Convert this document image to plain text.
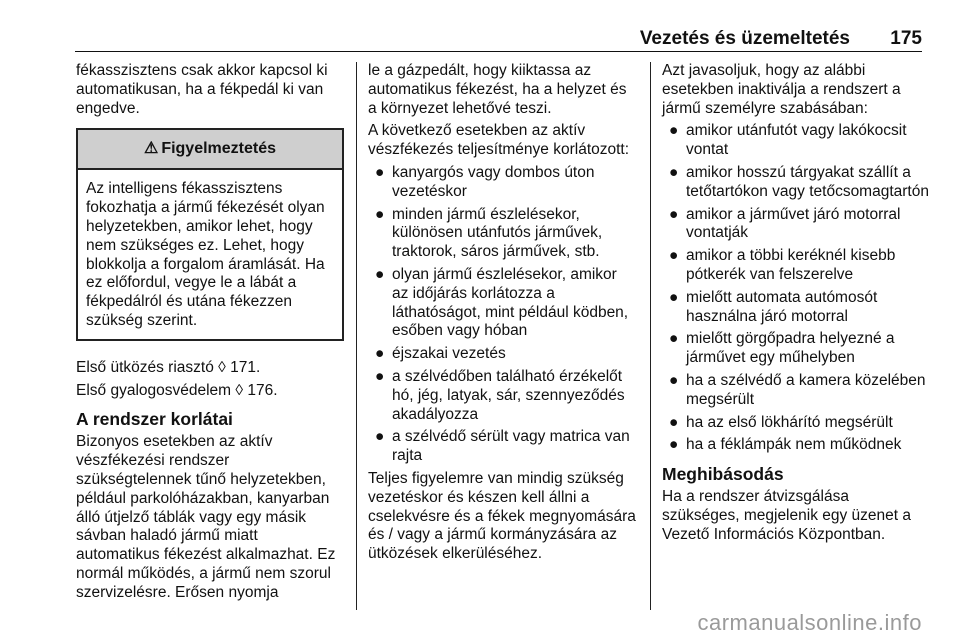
Vezetés és üzemeltetés 175

fékasszisztens csak akkor kapcsol ki automatikusan, ha a fékpedál ki van engedve.

⚠ Figyelmeztetés
Az intelligens fékasszisztens fokozhatja a jármű fékezését olyan helyzetekben, amikor lehet, hogy nem szükséges ez. Lehet, hogy blokkolja a forgalom áramlását. Ha ez előfordul, vegye le a lábát a fékpedálról és utána fékezzen szükség szerint.

Első ütközés riasztó ◊ 171.

Első gyalogosvédelem ◊ 176.

A rendszer korlátai

Bizonyos esetekben az aktív vészfékezési rendszer szükségtelennek tűnő helyzetekben, például parkolóházakban, kanyarban álló útjelző táblák vagy egy másik sávban haladó jármű miatt automatikus fékezést alkalmazhat. Ez normál működés, a jármű nem szorul szervizelésre. Erősen nyomja

le a gázpedált, hogy kiiktassa az automatikus fékezést, ha a helyzet és a környezet lehetővé teszi.

A következő esetekben az aktív vészfékezés teljesítménye korlátozott:

● kanyargós vagy dombos úton vezetéskor
● minden jármű észlelésekor, különösen utánfutós járművek, traktorok, sáros járművek, stb.
● olyan jármű észlelésekor, amikor az időjárás korlátozza a láthatóságot, mint például ködben, esőben vagy hóban
● éjszakai vezetés
● a szélvédőben található érzékelőt hó, jég, latyak, sár, szennyeződés akadályozza
● a szélvédő sérült vagy matrica van rajta

Teljes figyelemre van mindig szükség vezetéskor és készen kell állni a cselekvésre és a fékek megnyomására és / vagy a jármű kormányzására az ütközések elkerüléséhez.

Azt javasoljuk, hogy az alábbi esetekben inaktiválja a rendszert a jármű személyre szabásában:

● amikor utánfutót vagy lakókocsit vontat
● amikor hosszú tárgyakat szállít a tetőtartókon vagy tetőcsomagtartón
● amikor a járművet járó motorral vontatják
● amikor a többi keréknél kisebb pótkerék van felszerelve
● mielőtt automata autómosót használna járó motorral
● mielőtt görgőpadra helyezné a járművet egy műhelyben
● ha a szélvédő a kamera közelében megsérült
● ha az első lökhárító megsérült
● ha a féklámpák nem működnek
Meghibásodás

Ha a rendszer átvizsgálása szükséges, megjelenik egy üzenet a Vezető Információs Központban.

carmanualsonline.info
